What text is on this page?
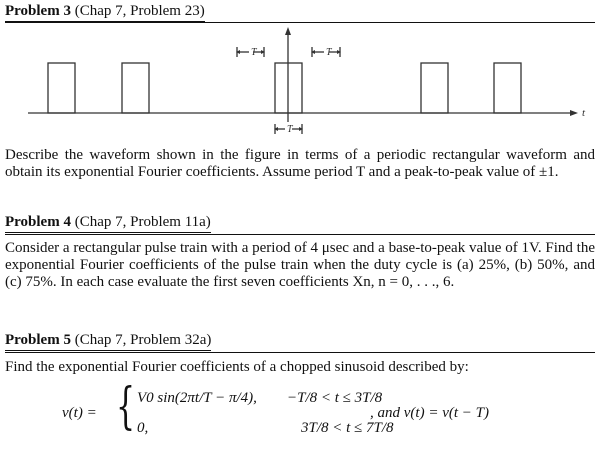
Problem 3 (Chap 7, Problem 23)
T	T
T
t
Describe the waveform shown in the figure in terms of a periodic rectangular waveform and obtain its exponential Fourier coefficients. Assume period T and a peak-to-peak value of ±1.
Problem 4 (Chap 7, Problem 11a)
Consider a rectangular pulse train with a period of 4 μsec and a base-to-peak value of 1V. Find the exponential Fourier coefficients of the pulse train when the duty cycle is (a) 25%, (b) 50%, and (c) 75%. In each case evaluate the first seven coefficients Xn, n = 0, . . ., 6.
Problem 5 (Chap 7, Problem 32a)
Find the exponential Fourier coefficients of a chopped sinusoid described by:
v(t) = { V0 sin(2πt/T − π/4), −T/8 < t ≤ 3T/8
0,	3T/8 < t ≤ 7T/8
, and v(t) = v(t − T)
